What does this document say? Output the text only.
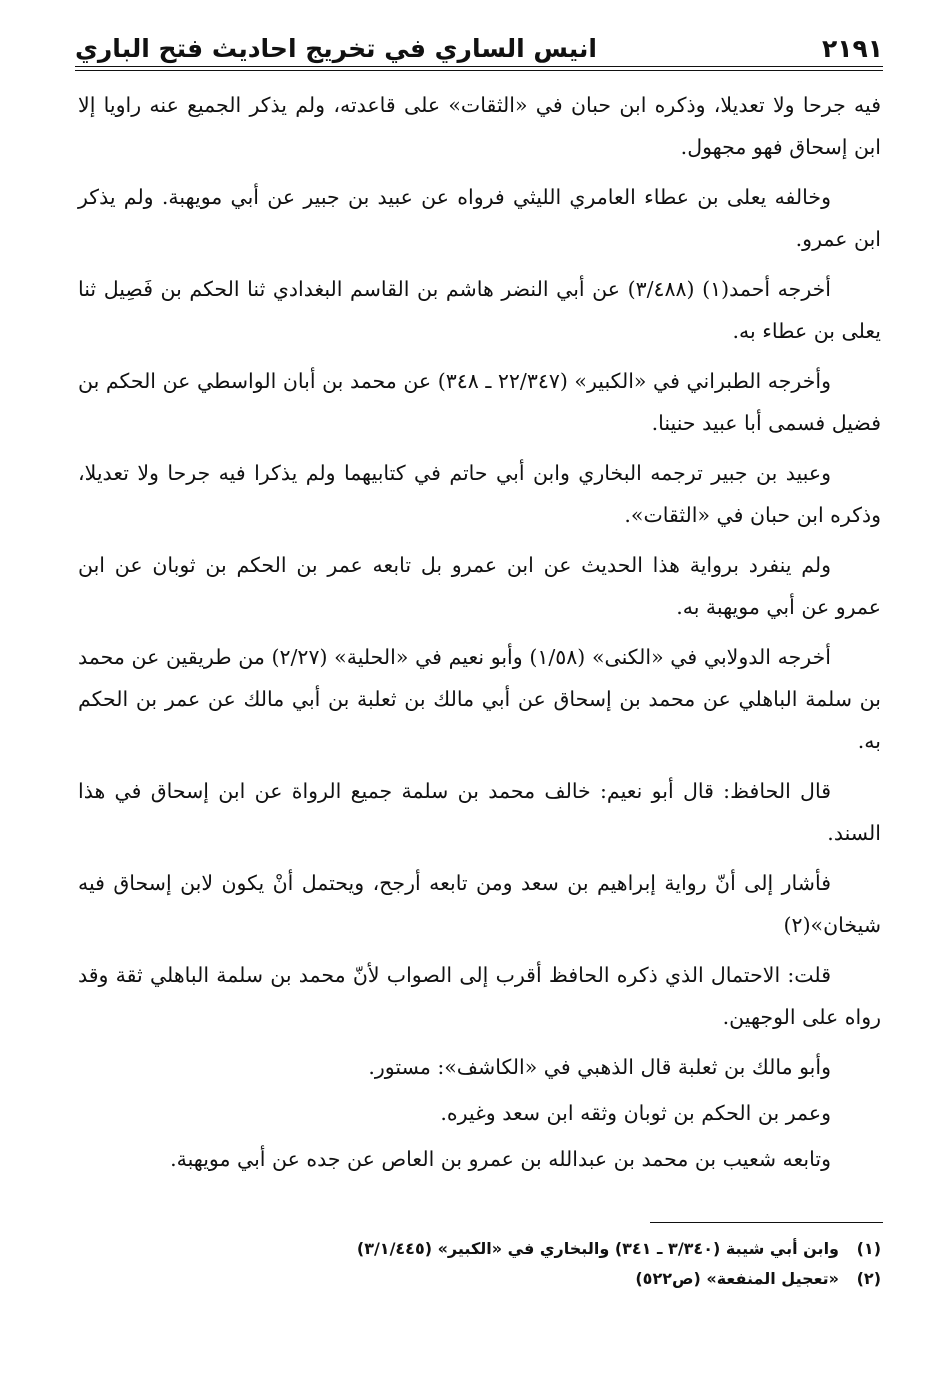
انيس الساري في تخريج احاديث فتح الباري	٢١٩١

فيه جرحا ولا تعديلا، وذكره ابن حبان في «الثقات» على قاعدته، ولم يذكر الجميع عنه راويا إلا ابن إسحاق فهو مجهول.

وخالفه يعلى بن عطاء العامري الليثي فرواه عن عبيد بن جبير عن أبي مويهبة. ولم يذكر ابن عمرو.

أخرجه أحمد(١) (٣/٤٨٨) عن أبي النضر هاشم بن القاسم البغدادي ثنا الحكم بن فَصِيل ثنا يعلى بن عطاء به.

وأخرجه الطبراني في «الكبير» (٢٢/٣٤٧ ـ ٣٤٨) عن محمد بن أبان الواسطي عن الحكم بن فضيل فسمى أبا عبيد حنينا.

وعبيد بن جبير ترجمه البخاري وابن أبي حاتم في كتابيهما ولم يذكرا فيه جرحا ولا تعديلا، وذكره ابن حبان في «الثقات».

ولم ينفرد برواية هذا الحديث عن ابن عمرو بل تابعه عمر بن الحكم بن ثوبان عن ابن عمرو عن أبي مويهبة به.

أخرجه الدولابي في «الكنى» (١/٥٨) وأبو نعيم في «الحلية» (٢/٢٧) من طريقين عن محمد بن سلمة الباهلي عن محمد بن إسحاق عن أبي مالك بن ثعلبة بن أبي مالك عن عمر بن الحكم به.

قال الحافظ: قال أبو نعيم: خالف محمد بن سلمة جميع الرواة عن ابن إسحاق في هذا السند.

فأشار إلى أنّ رواية إبراهيم بن سعد ومن تابعه أرجح، ويحتمل أنْ يكون لابن إسحاق فيه شيخان»(٢)

قلت: الاحتمال الذي ذكره الحافظ أقرب إلى الصواب لأنّ محمد بن سلمة الباهلي ثقة وقد رواه على الوجهين.

وأبو مالك بن ثعلبة قال الذهبي في «الكاشف»: مستور.

وعمر بن الحكم بن ثوبان وثقه ابن سعد وغيره.

وتابعه شعيب بن محمد بن عبدالله بن عمرو بن العاص عن جده عن أبي مويهبة.

(١)
وابن أبي شيبة (٣/٣٤٠ ـ ٣٤١) والبخاري في «الكبير» (٣/١/٤٤٥)
(٢)
«تعجيل المنفعة» (ص٥٢٢)
